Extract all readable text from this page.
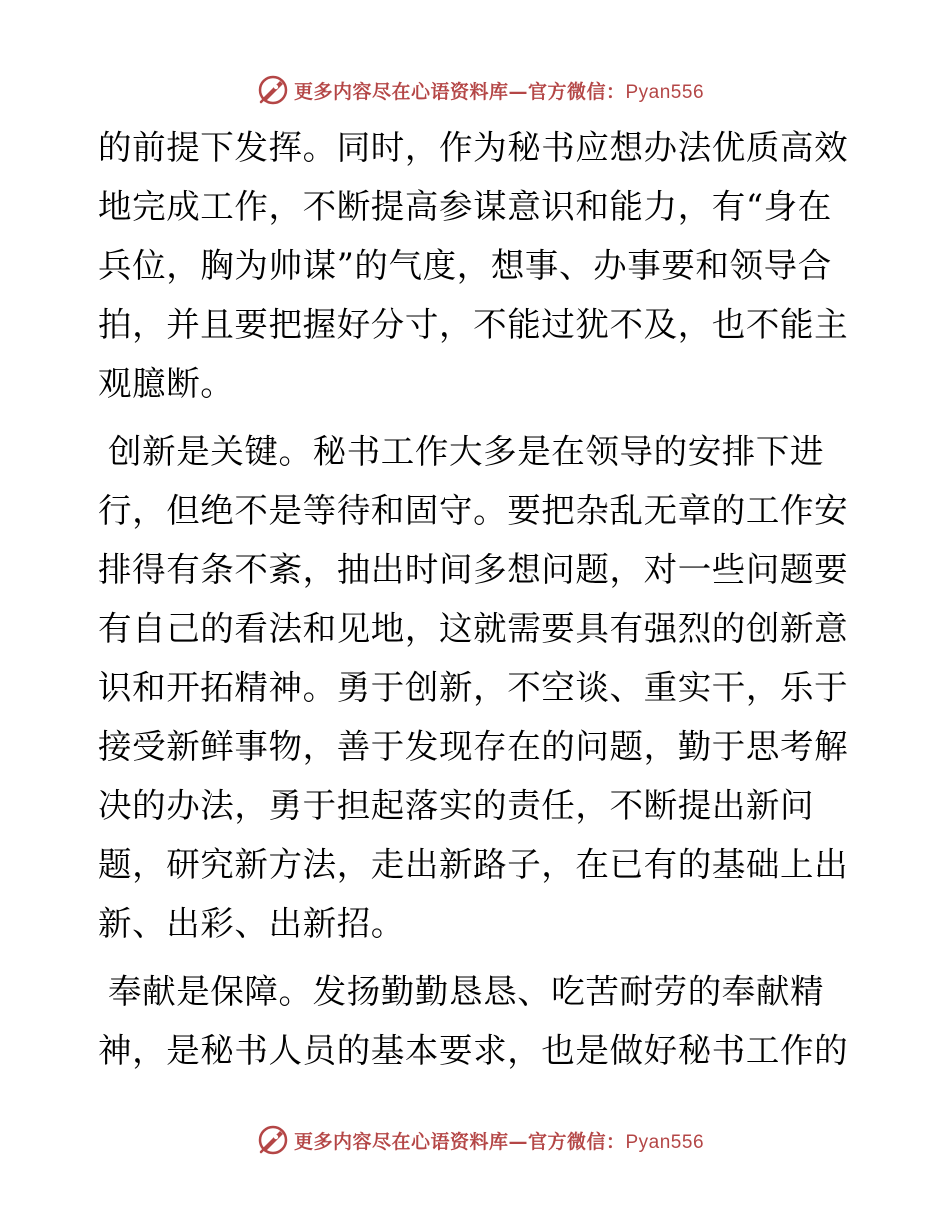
更多内容尽在心语资料库—官方微信：Pyan556

的前提下发挥。同时，作为秘书应想办法优质高效
地完成工作，不断提高参谋意识和能力，有“身在
兵位，胸为帅谋”的气度，想事、办事要和领导合
拍，并且要把握好分寸，不能过犹不及，也不能主
观臆断。

创新是关键。秘书工作大多是在领导的安排下进
行，但绝不是等待和固守。要把杂乱无章的工作安
排得有条不紊，抽出时间多想问题，对一些问题要
有自己的看法和见地，这就需要具有强烈的创新意
识和开拓精神。勇于创新，不空谈、重实干，乐于
接受新鲜事物，善于发现存在的问题，勤于思考解
决的办法，勇于担起落实的责任，不断提出新问
题，研究新方法，走出新路子，在已有的基础上出
新、出彩、出新招。

奉献是保障。发扬勤勤恳恳、吃苦耐劳的奉献精
神，是秘书人员的基本要求，也是做好秘书工作的

更多内容尽在心语资料库—官方微信：Pyan556
